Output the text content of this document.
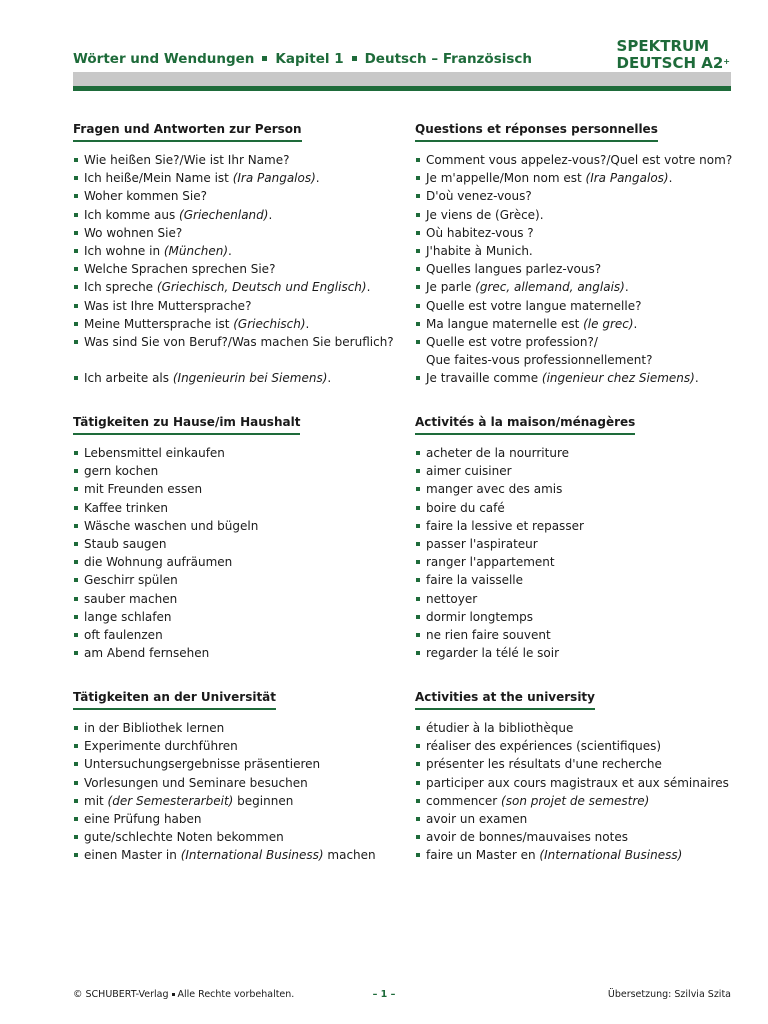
Wörter und Wendungen Kapitel 1 Deutsch – Französisch
SPEKTRUM
DEUTSCH A2+
Fragen und Antworten zur Person
Wie heißen Sie?/Wie ist Ihr Name?
Ich heiße/Mein Name ist (Ira Pangalos).
Woher kommen Sie?
Ich komme aus (Griechenland).
Wo wohnen Sie?
Ich wohne in (München).
Welche Sprachen sprechen Sie?
Ich spreche (Griechisch, Deutsch und Englisch).
Was ist Ihre Muttersprache?
Meine Muttersprache ist (Griechisch).
Was sind Sie von Beruf?/Was machen Sie beruflich?
Ich arbeite als (Ingenieurin bei Siemens).
Questions et réponses personnelles
Comment vous appelez-vous?/Quel est votre nom?
Je m'appelle/Mon nom est (Ira Pangalos).
D'où venez-vous?
Je viens de (Grèce).
Où habitez-vous ?
J'habite à Munich.
Quelles langues parlez-vous?
Je parle (grec, allemand, anglais).
Quelle est votre langue maternelle?
Ma langue maternelle est (le grec).
Quelle est votre profession?/
Que faites-vous professionnellement?
Je travaille comme (ingenieur chez Siemens).
Tätigkeiten zu Hause/im Haushalt
Lebensmittel einkaufen
gern kochen
mit Freunden essen
Kaffee trinken
Wäsche waschen und bügeln
Staub saugen
die Wohnung aufräumen
Geschirr spülen
sauber machen
lange schlafen
oft faulenzen
am Abend fernsehen
Activités à la maison/ménagères
acheter de la nourriture
aimer cuisiner
manger avec des amis
boire du café
faire la lessive et repasser
passer l'aspirateur
ranger l'appartement
faire la vaisselle
nettoyer
dormir longtemps
ne rien faire souvent
regarder la télé le soir
Tätigkeiten an der Universität
in der Bibliothek lernen
Experimente durchführen
Untersuchungsergebnisse präsentieren
Vorlesungen und Seminare besuchen
mit (der Semesterarbeit) beginnen
eine Prüfung haben
gute/schlechte Noten bekommen
einen Master in (International Business) machen
Activities at the university
étudier à la bibliothèque
réaliser des expériences (scientifiques)
présenter les résultats d'une recherche
participer aux cours magistraux et aux séminaires
commencer (son projet de semestre)
avoir un examen
avoir de bonnes/mauvaises notes
faire un Master en (International Business)
© SCHUBERT-Verlag Alle Rechte vorbehalten.	– 1 –	Übersetzung: Szilvia Szita
